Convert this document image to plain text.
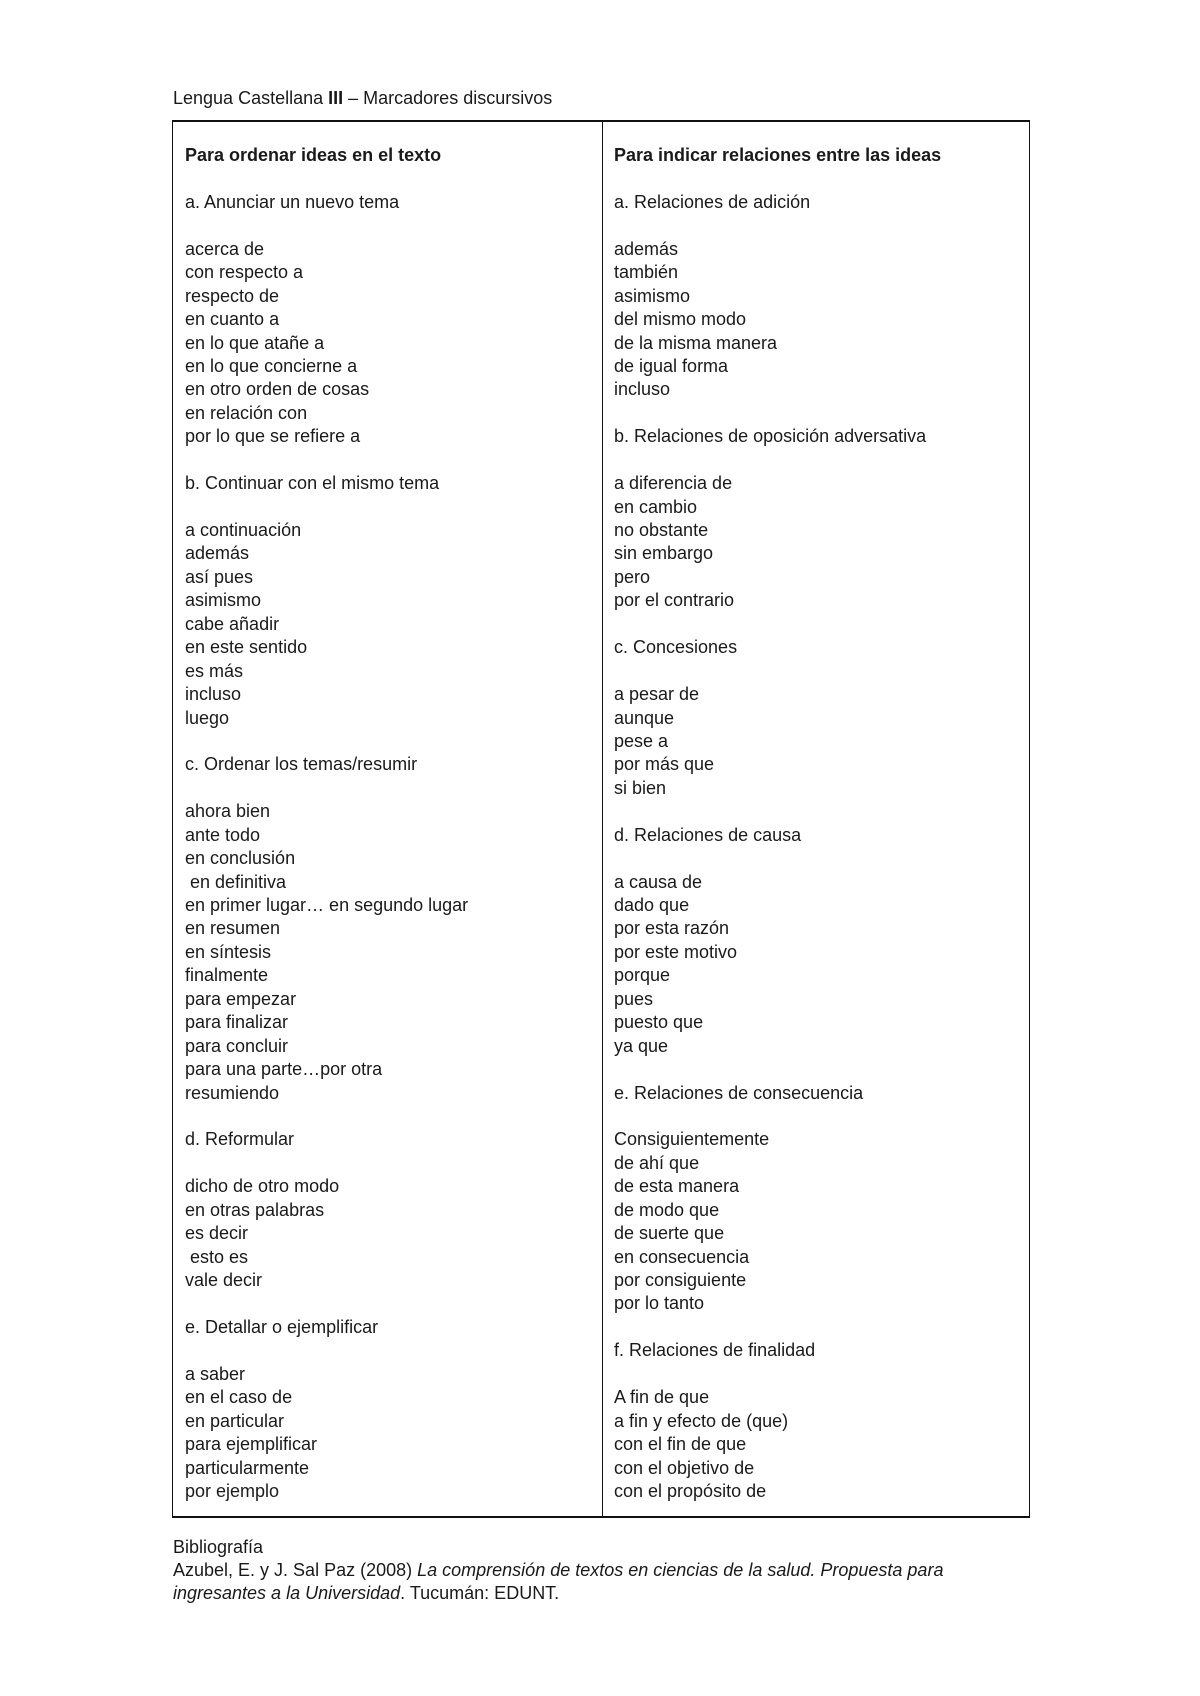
Lengua Castellana III – Marcadores discursivos
Para ordenar ideas en el texto
a. Anunciar un nuevo tema
acerca de
con respecto a
respecto de
en cuanto a
en lo que atañe a
en lo que concierne a
en otro orden de cosas
en relación con
por lo que se refiere a
b. Continuar con el mismo tema
a continuación
además
así pues
asimismo
cabe añadir
en este sentido
es más
incluso
luego
c. Ordenar los temas/resumir
ahora bien
ante todo
en conclusión
en definitiva
en primer lugar… en segundo lugar
en resumen
en síntesis
finalmente
para empezar
para finalizar
para concluir
para una parte…por otra
resumiendo
d. Reformular
dicho de otro modo
en otras palabras
es decir
esto es
vale decir
e. Detallar o ejemplificar
a saber
en el caso de
en particular
para ejemplificar
particularmente
por ejemplo
Para indicar relaciones entre las ideas
a. Relaciones de adición
además
también
asimismo
del mismo modo
de la misma manera
de igual forma
incluso
b. Relaciones de oposición adversativa
a diferencia de
en cambio
no obstante
sin embargo
pero
por el contrario
c. Concesiones
a pesar de
aunque
pese a
por más que
si bien
d. Relaciones de causa
a causa de
dado que
por esta razón
por este motivo
porque
pues
puesto que
ya que
e. Relaciones de consecuencia
Consiguientemente
de ahí que
de esta manera
de modo que
de suerte que
en consecuencia
por consiguiente
por lo tanto
f. Relaciones de finalidad
A fin de que
a fin y efecto de (que)
con el fin de que
con el objetivo de
con el propósito de
Bibliografía
Azubel, E. y J. Sal Paz (2008) La comprensión de textos en ciencias de la salud. Propuesta para ingresantes a la Universidad. Tucumán: EDUNT.
